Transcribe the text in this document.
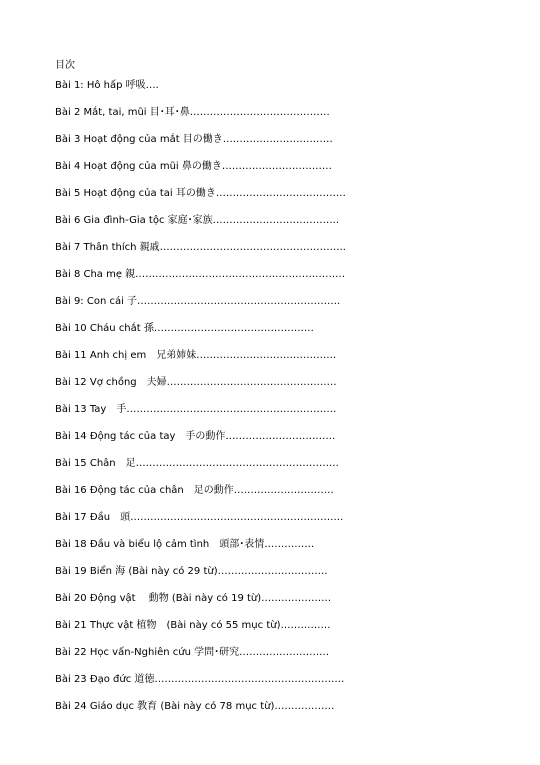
目次
Bài 1: Hô hấp 呼吸….
Bài 2 Mắt, tai, mũi 目･耳･鼻……………………………………
Bài 3 Hoạt động của mắt 目の働き……………………………
Bài 4 Hoạt động của mũi 鼻の働き……………………………
Bài 5 Hoạt động của tai 耳の働き…………………………………
Bài 6 Gia đình-Gia tộc 家庭･家族………………………………..
Bài 7 Thân thích 親戚………………………………………………..
Bài 8 Cha mẹ 親………………………………………………………
Bài 9: Con cái 子…………………………………………………….
Bài 10 Cháu chắt 孫…………………………………………
Bài 11 Anh chị em　兄弟姉妹……………………………………
Bài 12 Vợ chồng　夫婦……………………………………………
Bài 13 Tay　手………………………………………………………
Bài 14 Động tác của tay　手の動作……………………………
Bài 15 Chân　足…………………………………………………….
Bài 16 Động tác của chân　足の動作…………………………
Bài 17 Đầu　頭……………………………………………………….
Bài 18 Đầu và biểu lộ cảm tình　頭部･表情……………
Bài 19 Biển 海 (Bài này có 29 từ)……………………………
Bài 20 Động vật　 動物 (Bài này có 19 từ)…………………
Bài 21 Thực vật 植物　(Bài này có 55 mục từ)……………
Bài 22 Học vấn-Nghiên cứu 学問･研究………………………
Bài 23 Đạo đức 道徳…………………………………………………
Bài 24 Giáo dục 教育 (Bài này có 78 mục từ)………………
